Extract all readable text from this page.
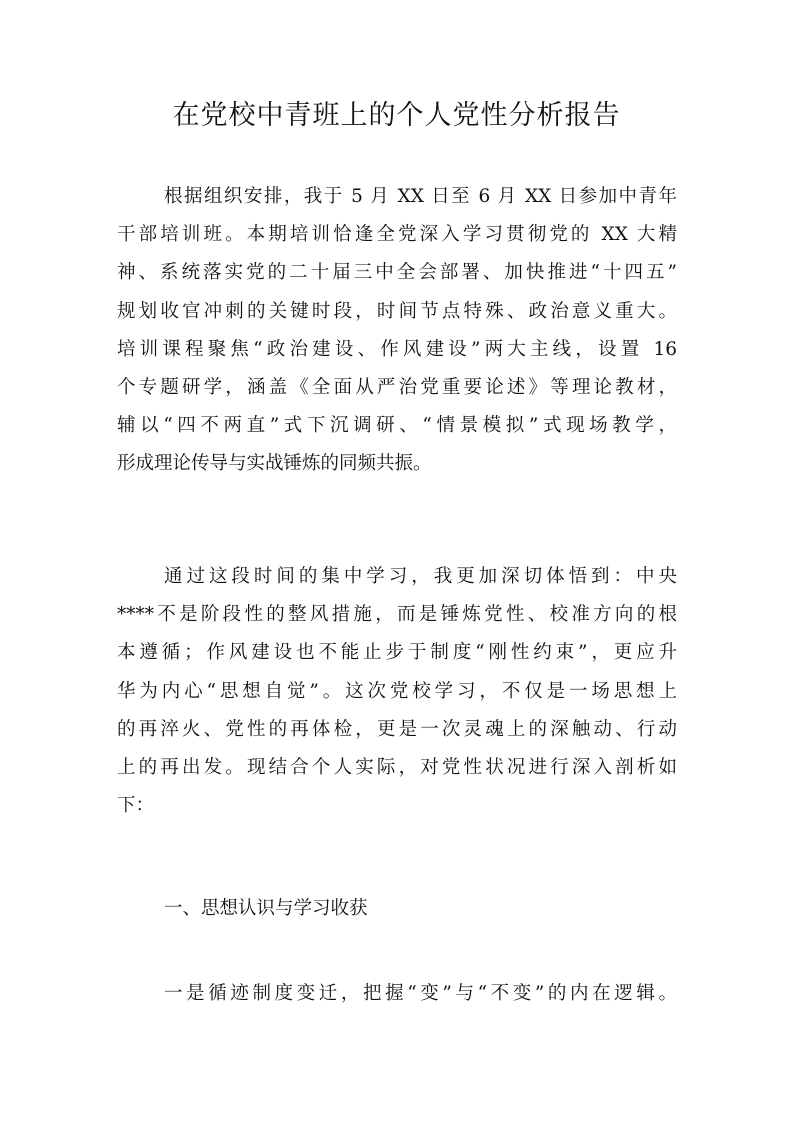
在党校中青班上的个人党性分析报告
根据组织安排，我于 5 月 XX 日至 6 月 XX 日参加中青年
干部培训班。本期培训恰逢全党深入学习贯彻党的 XX 大精
神、系统落实党的二十届三中全会部署、加快推进“十四五”
规划收官冲刺的关键时段，时间节点特殊、政治意义重大。
培训课程聚焦“政治建设、作风建设”两大主线，设置 16
个专题研学，涵盖《全面从严治党重要论述》等理论教材，
辅以“四不两直”式下沉调研、“情景模拟”式现场教学，
形成理论传导与实战锤炼的同频共振。
通过这段时间的集中学习，我更加深切体悟到：中央
****不是阶段性的整风措施，而是锤炼党性、校准方向的根
本遵循；作风建设也不能止步于制度“刚性约束”，更应升
华为内心“思想自觉”。这次党校学习，不仅是一场思想上
的再淬火、党性的再体检，更是一次灵魂上的深触动、行动
上的再出发。现结合个人实际，对党性状况进行深入剖析如
下：
一、思想认识与学习收获
一是循迹制度变迁，把握“变”与“不变”的内在逻辑。
